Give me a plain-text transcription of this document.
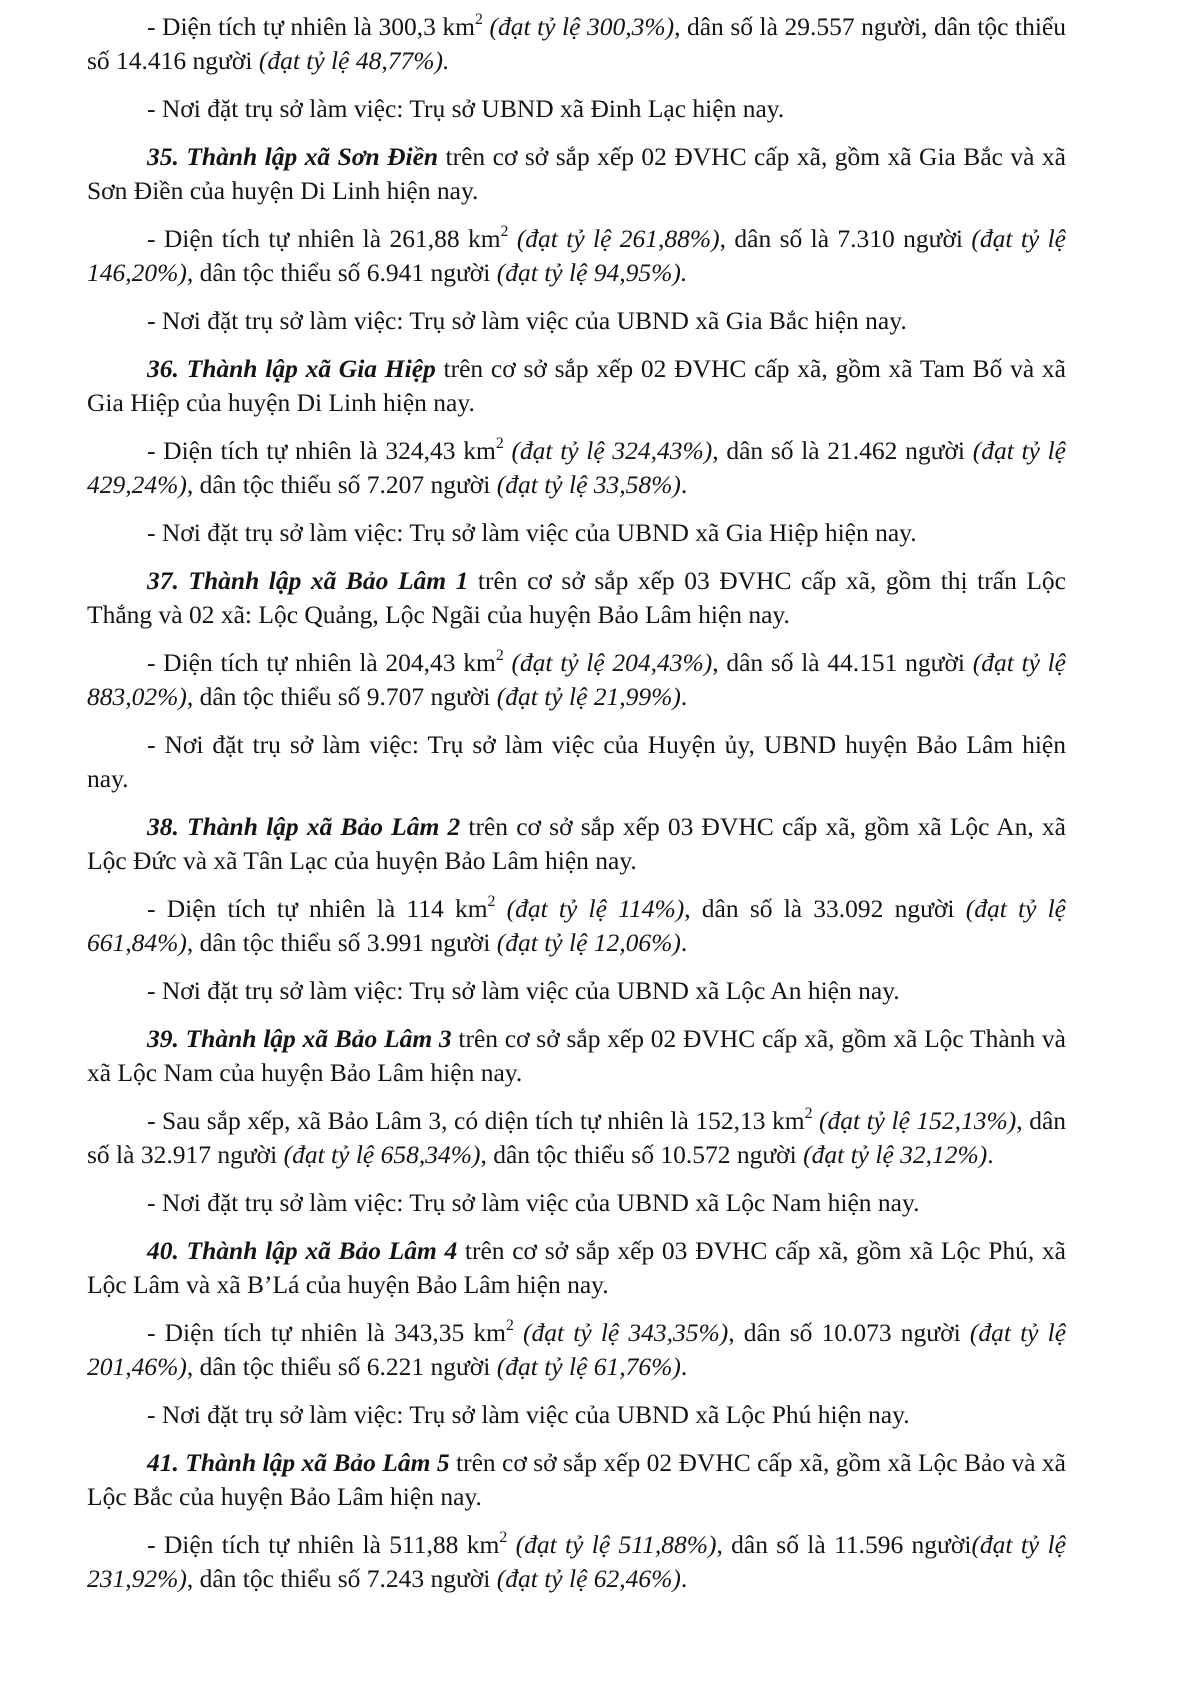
- Diện tích tự nhiên là 300,3 $km^2$ (đạt tỷ lệ 300,3%), dân số là 29.557 người, dân tộc thiểu số 14.416 người (đạt tỷ lệ 48,77%).

- Nơi đặt trụ sở làm việc: Trụ sở UBND xã Đinh Lạc hiện nay.

35. Thành lập xã Sơn Điền trên cơ sở sắp xếp 02 ĐVHC cấp xã, gồm xã Gia Bắc và xã Sơn Điền của huyện Di Linh hiện nay.

- Diện tích tự nhiên là 261,88 $km^2$ (đạt tỷ lệ 261,88%), dân số là 7.310 người (đạt tỷ lệ 146,20%), dân tộc thiểu số 6.941 người (đạt tỷ lệ 94,95%).

- Nơi đặt trụ sở làm việc: Trụ sở làm việc của UBND xã Gia Bắc hiện nay.

36. Thành lập xã Gia Hiệp trên cơ sở sắp xếp 02 ĐVHC cấp xã, gồm xã Tam Bố và xã Gia Hiệp của huyện Di Linh hiện nay.

- Diện tích tự nhiên là 324,43 $km^2$ (đạt tỷ lệ 324,43%), dân số là 21.462 người (đạt tỷ lệ 429,24%), dân tộc thiểu số 7.207 người (đạt tỷ lệ 33,58%).

- Nơi đặt trụ sở làm việc: Trụ sở làm việc của UBND xã Gia Hiệp hiện nay.

37. Thành lập xã Bảo Lâm 1 trên cơ sở sắp xếp 03 ĐVHC cấp xã, gồm thị trấn Lộc Thắng và 02 xã: Lộc Quảng, Lộc Ngãi của huyện Bảo Lâm hiện nay.

- Diện tích tự nhiên là 204,43 $km^2$ (đạt tỷ lệ 204,43%), dân số là 44.151 người (đạt tỷ lệ 883,02%), dân tộc thiểu số 9.707 người (đạt tỷ lệ 21,99%).

- Nơi đặt trụ sở làm việc: Trụ sở làm việc của Huyện ủy, UBND huyện Bảo Lâm hiện nay.

38. Thành lập xã Bảo Lâm 2 trên cơ sở sắp xếp 03 ĐVHC cấp xã, gồm xã Lộc An, xã Lộc Đức và xã Tân Lạc của huyện Bảo Lâm hiện nay.

- Diện tích tự nhiên là 114 $km^2$ (đạt tỷ lệ 114%), dân số là 33.092 người (đạt tỷ lệ 661,84%), dân tộc thiểu số 3.991 người (đạt tỷ lệ 12,06%).

- Nơi đặt trụ sở làm việc: Trụ sở làm việc của UBND xã Lộc An hiện nay.

39. Thành lập xã Bảo Lâm 3 trên cơ sở sắp xếp 02 ĐVHC cấp xã, gồm xã Lộc Thành và xã Lộc Nam của huyện Bảo Lâm hiện nay.

- Sau sắp xếp, xã Bảo Lâm 3, có diện tích tự nhiên là 152,13 $km^2$ (đạt tỷ lệ 152,13%), dân số là 32.917 người (đạt tỷ lệ 658,34%), dân tộc thiểu số 10.572 người (đạt tỷ lệ 32,12%).

- Nơi đặt trụ sở làm việc: Trụ sở làm việc của UBND xã Lộc Nam hiện nay.

40. Thành lập xã Bảo Lâm 4 trên cơ sở sắp xếp 03 ĐVHC cấp xã, gồm xã Lộc Phú, xã Lộc Lâm và xã B’Lá của huyện Bảo Lâm hiện nay.

- Diện tích tự nhiên là 343,35 $km^2$ (đạt tỷ lệ 343,35%), dân số 10.073 người (đạt tỷ lệ 201,46%), dân tộc thiểu số 6.221 người (đạt tỷ lệ 61,76%).

- Nơi đặt trụ sở làm việc: Trụ sở làm việc của UBND xã Lộc Phú hiện nay.

41. Thành lập xã Bảo Lâm 5 trên cơ sở sắp xếp 02 ĐVHC cấp xã, gồm xã Lộc Bảo và xã Lộc Bắc của huyện Bảo Lâm hiện nay.

- Diện tích tự nhiên là 511,88 $km^2$ (đạt tỷ lệ 511,88%), dân số là 11.596 người(đạt tỷ lệ 231,92%), dân tộc thiểu số 7.243 người (đạt tỷ lệ 62,46%).
